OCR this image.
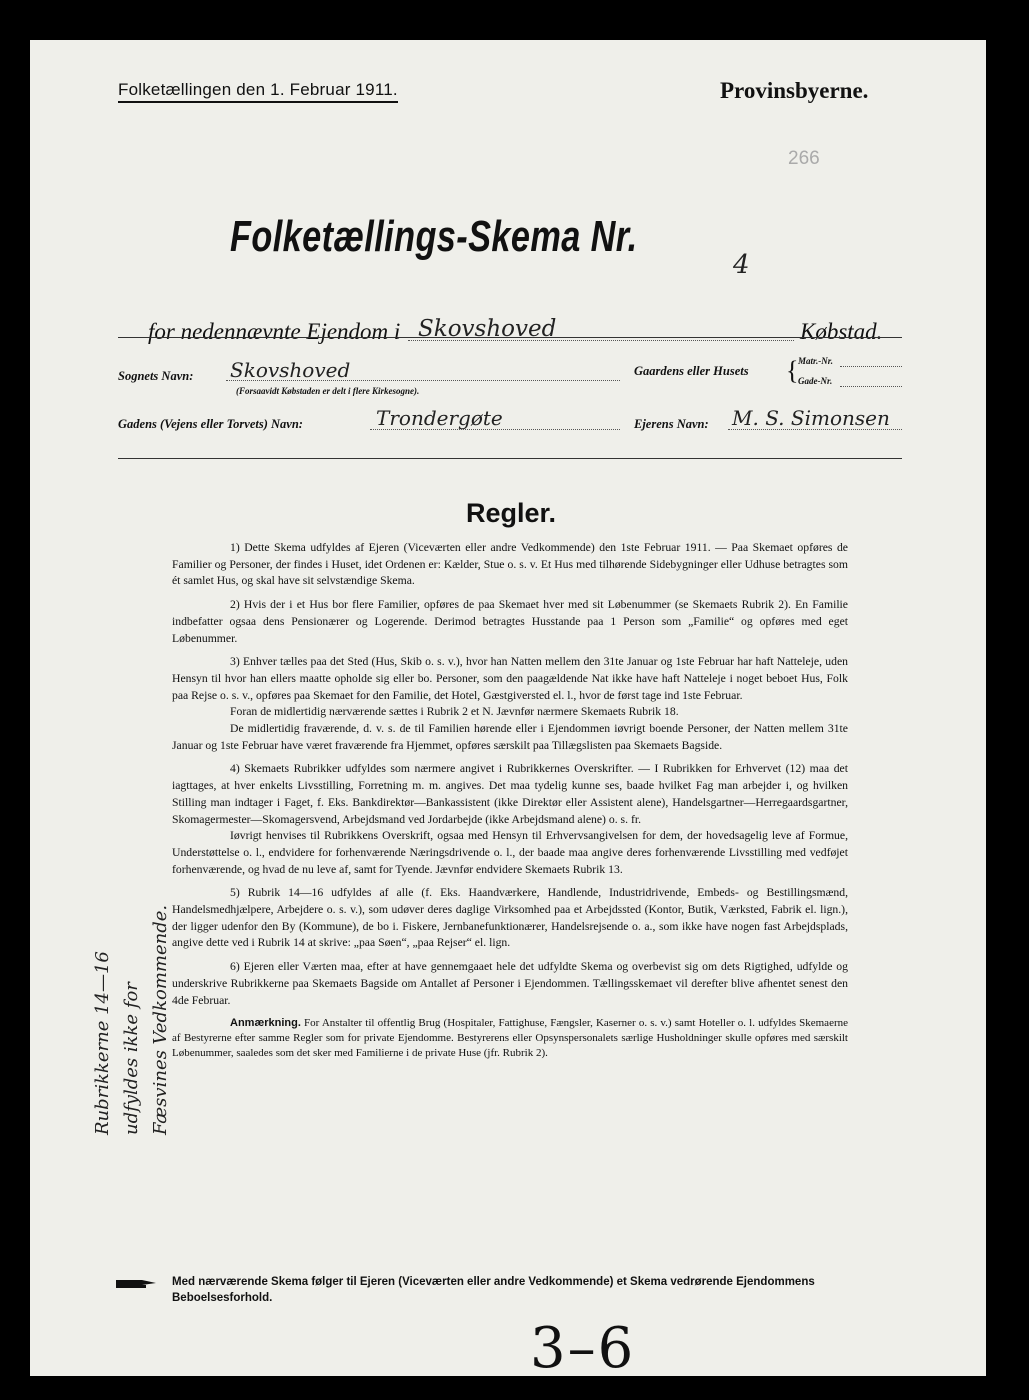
Folketællingen den 1. Februar 1911.	Provinsbyerne.
266
Folketællings-Skema Nr.
4
for nedennævnte Ejendom i Skovshoved	Købstad.
Sognets Navn: Skovshoved
(Forsaavidt Købstaden er delt i flere Kirkesogne).
Gaardens eller Husets { Matr.-Nr.
Gade-Nr.
Gadens (Vejens eller Torvets) Navn:	Trondergøte	Ejerens Navn: M. S. Simonsen
Regler.

1) Dette Skema udfyldes af Ejeren (Viceværten eller andre Vedkommende) den 1ste Februar 1911. — Paa Skemaet opføres de Familier og Personer, der findes i Huset, idet Ordenen er: Kælder, Stue o. s. v. Et Hus med tilhørende Sidebygninger eller Udhuse betragtes som ét samlet Hus, og skal have sit selvstændige Skema.

2) Hvis der i et Hus bor flere Familier, opføres de paa Skemaet hver med sit Løbenummer (se Skemaets Rubrik 2). En Familie indbefatter ogsaa dens Pensionærer og Logerende. Derimod betragtes Husstande paa 1 Person som „Familie“ og opføres med eget Løbenummer.

3) Enhver tælles paa det Sted (Hus, Skib o. s. v.), hvor han Natten mellem den 31te Januar og 1ste Februar har haft Natteleje, uden Hensyn til hvor han ellers maatte opholde sig eller bo. Personer, som den paagældende Nat ikke have haft Natteleje i noget beboet Hus, Folk paa Rejse o. s. v., opføres paa Skemaet for den Familie, det Hotel, Gæstgiversted el. l., hvor de først tage ind 1ste Februar.

Foran de midlertidig nærværende sættes i Rubrik 2 et N. Jævnfør nærmere Skemaets Rubrik 18.

De midlertidig fraværende, d. v. s. de til Familien hørende eller i Ejendommen iøvrigt boende Personer, der Natten mellem 31te Januar og 1ste Februar have været fraværende fra Hjemmet, opføres særskilt paa Tillægslisten paa Skemaets Bagside.

4) Skemaets Rubrikker udfyldes som nærmere angivet i Rubrikkernes Overskrifter. — I Rubrikken for Erhvervet (12) maa det iagttages, at hver enkelts Livsstilling, Forretning m. m. angives. Det maa tydelig kunne ses, baade hvilket Fag man arbejder i, og hvilken Stilling man indtager i Faget, f. Eks. Bankdirektør—Bankassistent (ikke Direktør eller Assistent alene), Handelsgartner—Herregaardsgartner, Skomagermester—Skomagersvend, Arbejdsmand ved Jordarbejde (ikke Arbejdsmand alene) o. s. fr.

Iøvrigt henvises til Rubrikkens Overskrift, ogsaa med Hensyn til Erhvervsangivelsen for dem, der hovedsagelig leve af Formue, Understøttelse o. l., endvidere for forhenværende Næringsdrivende o. l., der baade maa angive deres forhenværende Livsstilling med vedføjet forhenværende, og hvad de nu leve af, samt for Tyende. Jævnfør endvidere Skemaets Rubrik 13.

5) Rubrik 14—16 udfyldes af alle (f. Eks. Haandværkere, Handlende, Industridrivende, Embeds- og Bestillingsmænd, Handelsmedhjælpere, Arbejdere o. s. v.), som udøver deres daglige Virksomhed paa et Arbejdssted (Kontor, Butik, Værksted, Fabrik el. lign.), der ligger udenfor den By (Kommune), de bo i. Fiskere, Jernbanefunktionærer, Handelsrejsende o. a., som ikke have nogen fast Arbejdsplads, angive dette ved i Rubrik 14 at skrive: „paa Søen“, „paa Rejser“ el. lign.

6) Ejeren eller Værten maa, efter at have gennemgaaet hele det udfyldte Skema og overbevist sig om dets Rigtighed, udfylde og underskrive Rubrikkerne paa Skemaets Bagside om Antallet af Personer i Ejendommen. Tællingsskemaet vil derefter blive afhentet senest den 4de Februar.

Anmærkning. For Anstalter til offentlig Brug (Hospitaler, Fattighuse, Fængsler, Kaserner o. s. v.) samt Hoteller o. l. udfyldes Skemaerne af Bestyrerne efter samme Regler som for private Ejendomme. Bestyrerens eller Opsynspersonalets særlige Husholdninger skulle opføres med særskilt Løbenummer, saaledes som det sker med Familierne i de private Huse (jfr. Rubrik 2).

Rubrikkerne 14—16 udfyldes ikke for Fæsvines Vedkommende.
Med nærværende Skema følger til Ejeren (Viceværten eller andre Vedkommende) et Skema vedrørende Ejendommens Beboelsesforhold.
3–6
